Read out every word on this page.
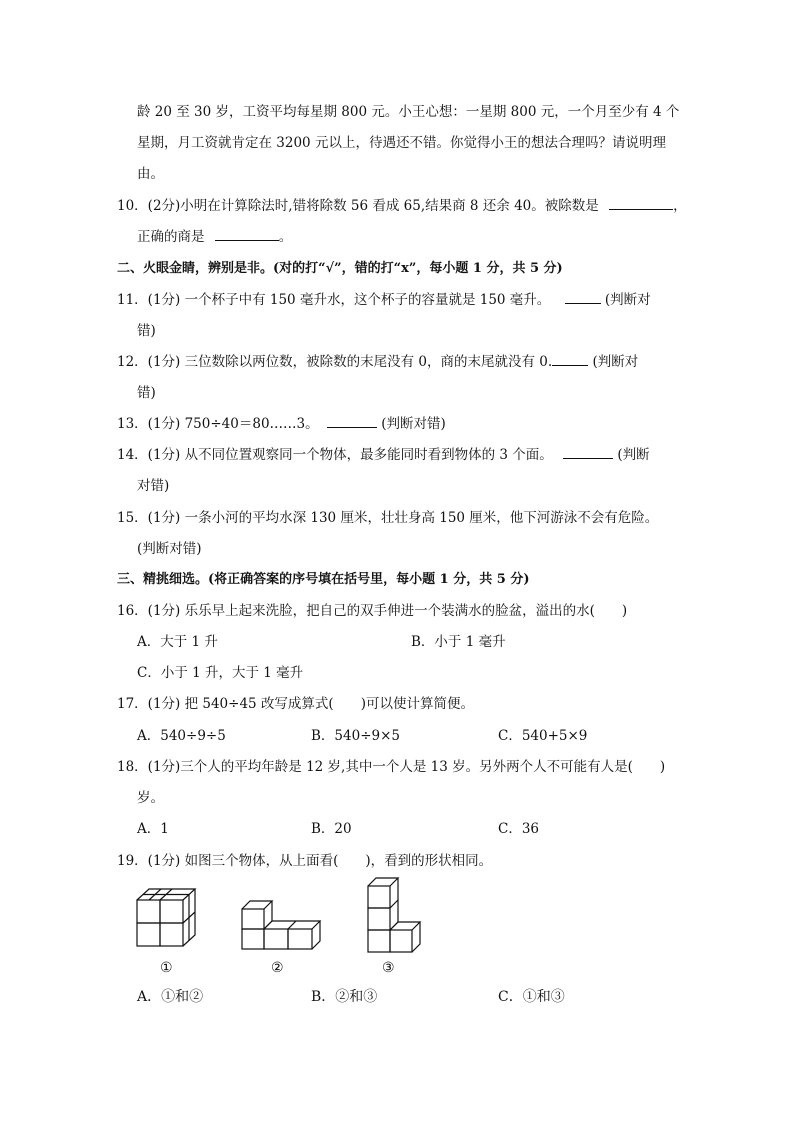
龄 20 至 30 岁，工资平均每星期 800 元。小王心想：一星期 800 元，一个月至少有 4 个
星期，月工资就肯定在 3200 元以上，待遇还不错。你觉得小王的想法合理吗？请说明理
由。
10．(2分)小明在计算除法时,错将除数 56 看成 65,结果商 8 还余 40。被除数是	，
正确的商是	。
二、火眼金睛，辨别是非。(对的打“√”，错的打“x”，每小题 1 分，共 5 分)
11．(1分) 一个杯子中有 150 毫升水，这个杯子的容量就是 150 毫升。	(判断对
错)
12．(1分) 三位数除以两位数，被除数的末尾没有 0，商的末尾就没有 0.	(判断对
错)
13．(1分) 750÷40＝80……3。	(判断对错)
14．(1分) 从不同位置观察同一个物体，最多能同时看到物体的 3 个面。	(判断
对错)
15．(1分) 一条小河的平均水深 130 厘米，壮壮身高 150 厘米，他下河游泳不会有危险。
(判断对错)
三、精挑细选。(将正确答案的序号填在括号里，每小题 1 分，共 5 分)
16．(1分) 乐乐早上起来洗脸，把自己的双手伸进一个装满水的脸盆，溢出的水(　　)
A．大于 1 升	B．小于 1 毫升
C．小于 1 升，大于 1 毫升
17．(1分) 把 540÷45 改写成算式(　　)可以使计算简便。
A．540÷9÷5	B．540÷9×5	C．540+5×9
18．(1分)三个人的平均年龄是 12 岁,其中一个人是 13 岁。另外两个人不可能有人是(　　)
岁。
A．1	B．20	C．36
19．(1分) 如图三个物体，从上面看(　　)，看到的形状相同。
①	②	③
A．①和②	B．②和③	C．①和③
